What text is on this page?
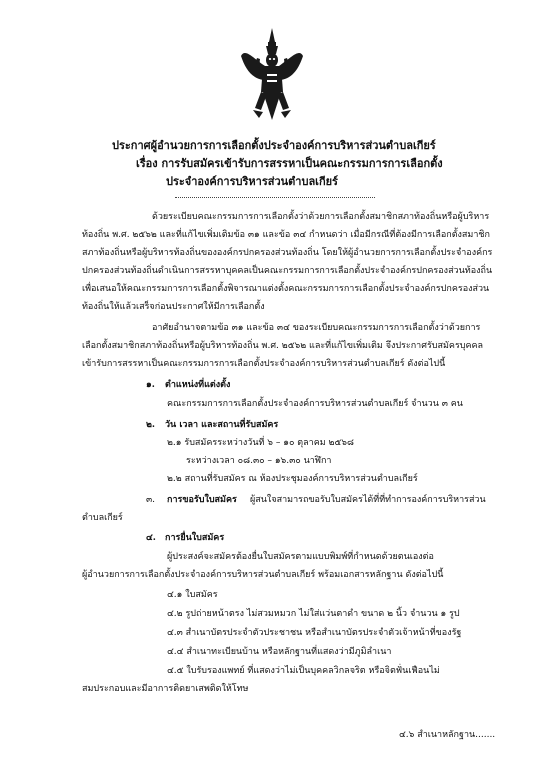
ประกาศผู้อำนวยการการเลือกตั้งประจำองค์การบริหารส่วนตำบลเกียร์
เรื่อง การรับสมัครเข้ารับการสรรหาเป็นคณะกรรมการการเลือกตั้ง
ประจำองค์การบริหารส่วนตำบลเกียร์
ด้วยระเบียบคณะกรรมการการเลือกตั้งว่าด้วยการเลือกตั้งสมาชิกสภาท้องถิ่นหรือผู้บริหาร
ท้องถิ่น พ.ศ. ๒๕๖๒ และที่แก้ไขเพิ่มเติมข้อ ๓๑ และข้อ ๓๔ กำหนดว่า เมื่อมีกรณีที่ต้องมีการเลือกตั้งสมาชิก
สภาท้องถิ่นหรือผู้บริหารท้องถิ่นขององค์กรปกครองส่วนท้องถิ่น โดยให้ผู้อำนวยการการเลือกตั้งประจำองค์กร
ปกครองส่วนท้องถิ่นดำเนินการสรรหาบุคคลเป็นคณะกรรมการการเลือกตั้งประจำองค์กรปกครองส่วนท้องถิ่น
เพื่อเสนอให้คณะกรรมการการเลือกตั้งพิจารณาแต่งตั้งคณะกรรมการการเลือกตั้งประจำองค์กรปกครองส่วน
ท้องถิ่นให้แล้วเสร็จก่อนประกาศให้มีการเลือกตั้ง
อาศัยอำนาจตามข้อ ๓๑ และข้อ ๓๔ ของระเบียบคณะกรรมการการเลือกตั้งว่าด้วยการ
เลือกตั้งสมาชิกสภาท้องถิ่นหรือผู้บริหารท้องถิ่น พ.ศ. ๒๕๖๒ และที่แก้ไขเพิ่มเติม จึงประกาศรับสมัครบุคคล
เข้ารับการสรรหาเป็นคณะกรรมการการเลือกตั้งประจำองค์การบริหารส่วนตำบลเกียร์ ดังต่อไปนี้
๑. ตำแหน่งที่แต่งตั้ง
คณะกรรมการการเลือกตั้งประจำองค์การบริหารส่วนตำบลเกียร์ จำนวน ๓ คน
๒. วัน เวลา และสถานที่รับสมัคร
๒.๑ รับสมัครระหว่างวันที่ ๖ – ๑๐ ตุลาคม ๒๕๖๘
ระหว่างเวลา ๐๘.๓๐ – ๑๖.๓๐ นาฬิกา
๒.๒ สถานที่รับสมัคร ณ ห้องประชุมองค์การบริหารส่วนตำบลเกียร์
๓. การขอรับใบสมัคร ผู้สนใจสามารถขอรับใบสมัครได้ที่ที่ทำการองค์การบริหารส่วน
ตำบลเกียร์
๔. การยื่นใบสมัคร
ผู้ประสงค์จะสมัครต้องยื่นใบสมัครตามแบบพิมพ์ที่กำหนดด้วยตนเองต่อ
ผู้อำนวยการการเลือกตั้งประจำองค์การบริหารส่วนตำบลเกียร์ พร้อมเอกสารหลักฐาน ดังต่อไปนี้
๔.๑ ใบสมัคร
๔.๒ รูปถ่ายหน้าตรง ไม่สวมหมวก ไม่ใส่แว่นตาดำ ขนาด ๒ นิ้ว จำนวน ๑ รูป
๔.๓ สำเนาบัตรประจำตัวประชาชน หรือสำเนาบัตรประจำตัวเจ้าหน้าที่ของรัฐ
๔.๔ สำเนาทะเบียนบ้าน หรือหลักฐานที่แสดงว่ามีภูมิลำเนา
๔.๕ ใบรับรองแพทย์ ที่แสดงว่าไม่เป็นบุคคลวิกลจริต หรือจิตฟั่นเฟือนไม่
สมประกอบและมีอาการติดยาเสพติดให้โทษ
๔.๖ สำเนาหลักฐาน.......
